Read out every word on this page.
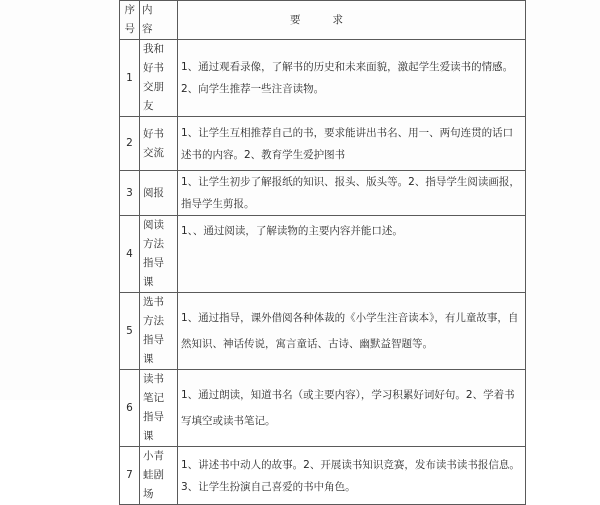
序号	内容	要 求
1	我和好书交朋友	1、通过观看录像，了解书的历史和未来面貌，激起学生爱读书的情感。2、向学生推荐一些注音读物。
2	好书交流	1、让学生互相推荐自己的书，要求能讲出书名、用一、两句连贯的话口述书的内容。2、教育学生爱护图书
3	阅报	1、让学生初步了解报纸的知识、报头、版头等。2、指导学生阅读画报，指导学生剪报。
4	阅读方法指导课	1、、通过阅读，了解读物的主要内容并能口述。
5	选书方法指导课	1、通过指导，课外借阅各种体裁的《小学生注音读本》，有儿童故事，自然知识、神话传说，寓言童话、古诗、幽默益智题等。
6	读书笔记指导课	1、通过朗读，知道书名（或主要内容），学习积累好词好句。2、学着书写填空或读书笔记。
7	小青蛙剧场	1、讲述书中动人的故事。2、开展读书知识竞赛，发布读书读书报信息。3、让学生扮演自己喜爱的书中角色。
